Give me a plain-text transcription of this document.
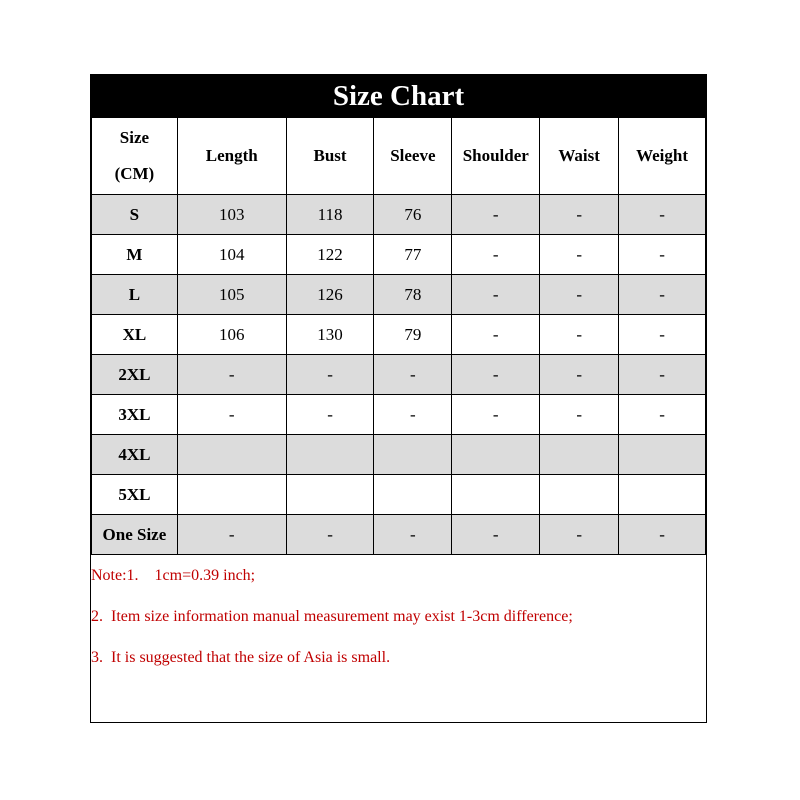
Size Chart
Size
(CM)	Length	Bust	Sleeve	Shoulder	Waist	Weight
S	103	118	76	-	-	-
M	104	122	77	-	-	-
L	105	126	78	-	-	-
XL	106	130	79	-	-	-
2XL	-	-	-	-	-	-
3XL	-	-	-	-	-	-
4XL						
5XL						
One Size	-	-	-	-	-	-
Note:1.    1cm=0.39 inch;
2.  Item size information manual measurement may exist 1-3cm difference;
3.  It is suggested that the size of Asia is small.
